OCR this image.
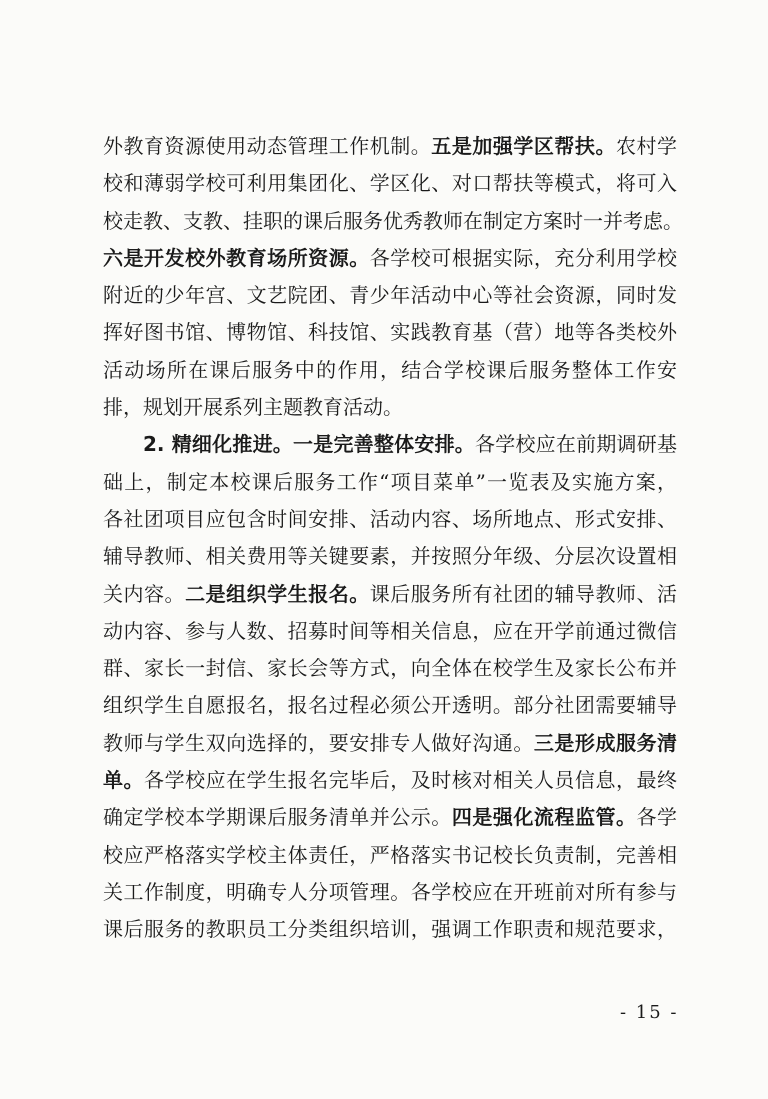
外教育资源使用动态管理工作机制。五是加强学区帮扶。农村学
校和薄弱学校可利用集团化、学区化、对口帮扶等模式，将可入
校走教、支教、挂职的课后服务优秀教师在制定方案时一并考虑。
六是开发校外教育场所资源。各学校可根据实际，充分利用学校
附近的少年宫、文艺院团、青少年活动中心等社会资源，同时发
挥好图书馆、博物馆、科技馆、实践教育基（营）地等各类校外
活动场所在课后服务中的作用，结合学校课后服务整体工作安
排，规划开展系列主题教育活动。
2. 精细化推进。一是完善整体安排。各学校应在前期调研基
础上，制定本校课后服务工作“项目菜单”一览表及实施方案，
各社团项目应包含时间安排、活动内容、场所地点、形式安排、
辅导教师、相关费用等关键要素，并按照分年级、分层次设置相
关内容。二是组织学生报名。课后服务所有社团的辅导教师、活
动内容、参与人数、招募时间等相关信息，应在开学前通过微信
群、家长一封信、家长会等方式，向全体在校学生及家长公布并
组织学生自愿报名，报名过程必须公开透明。部分社团需要辅导
教师与学生双向选择的，要安排专人做好沟通。三是形成服务清
单。各学校应在学生报名完毕后，及时核对相关人员信息，最终
确定学校本学期课后服务清单并公示。四是强化流程监管。各学
校应严格落实学校主体责任，严格落实书记校长负责制，完善相
关工作制度，明确专人分项管理。各学校应在开班前对所有参与
课后服务的教职员工分类组织培训，强调工作职责和规范要求，
- 15 -
